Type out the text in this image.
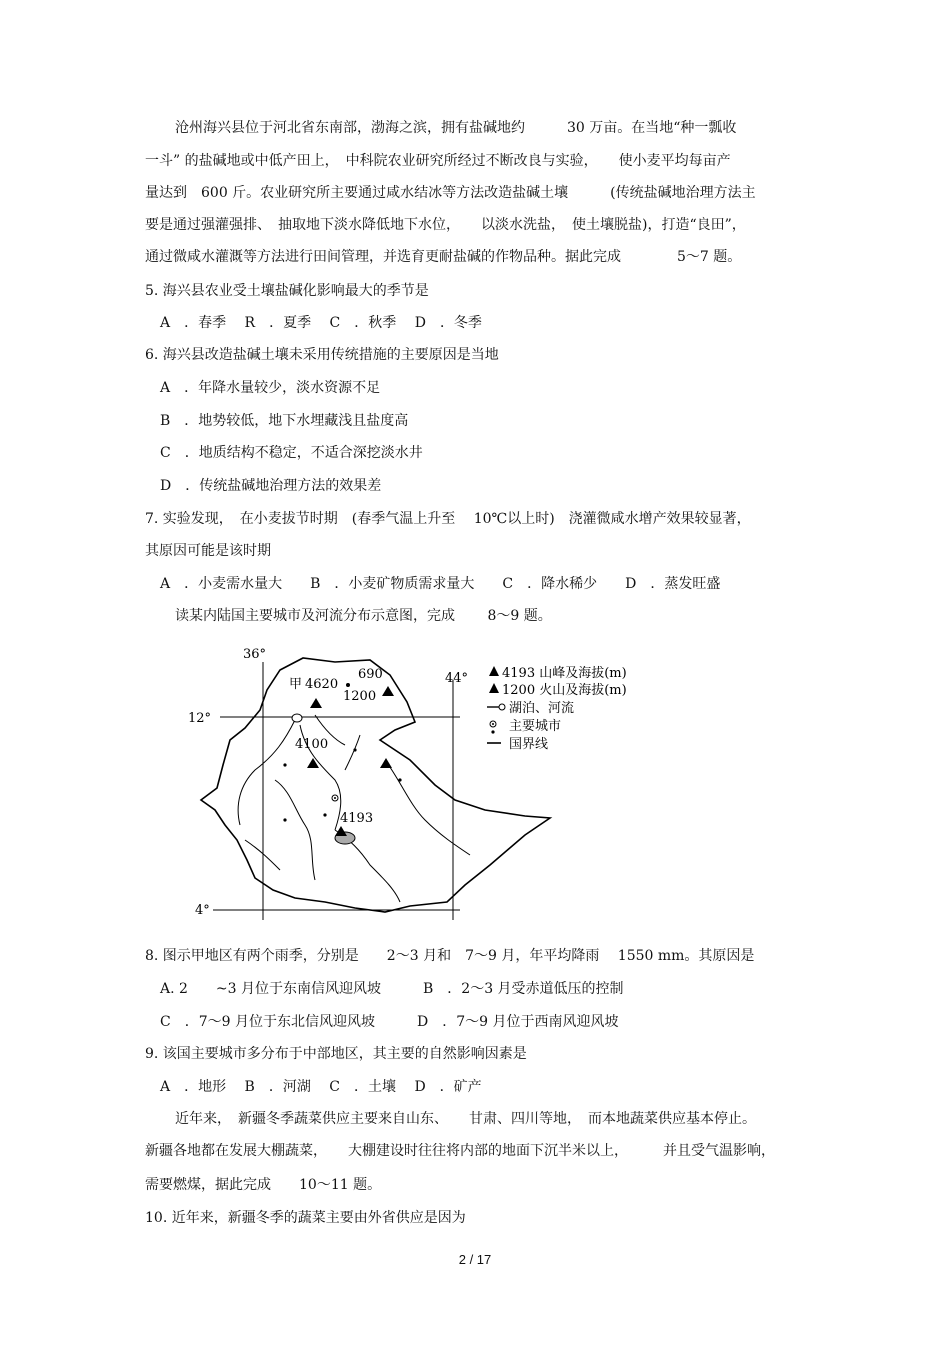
沧州海兴县位于河北省东南部，渤海之滨，拥有盐碱地约　　　30 万亩。在当地“种一瓢收
一斗” 的盐碱地或中低产田上，　中科院农业研究所经过不断改良与实验，　　使小麦平均每亩产
量达到　600 斤。农业研究所主要通过咸水结冰等方法改造盐碱土壤　　　(传统盐碱地治理方法主
要是通过强灌强排、　抽取地下淡水降低地下水位，　　以淡水洗盐，　使土壤脱盐)，打造“良田”，
通过微咸水灌溉等方法进行田间管理，并选育更耐盐碱的作物品种。据此完成　　　　5～7 题。
5. 海兴县农业受土壤盐碱化影响最大的季节是
A　．春季　 R　．夏季　 C　．秋季　 D　．冬季
6. 海兴县改造盐碱土壤未采用传统措施的主要原因是当地
A　．年降水量较少，淡水资源不足
B　．地势较低，地下水埋藏浅且盐度高
C　．地质结构不稳定，不适合深挖淡水井
D　．传统盐碱地治理方法的效果差
7. 实验发现，　在小麦拔节时期　(春季气温上升至　 10℃以上时)　浇灌微咸水增产效果较显著，
其原因可能是该时期
A　．小麦需水量大　　B　．小麦矿物质需求量大　　C　．降水稀少　　D　．蒸发旺盛
读某内陆国主要城市及河流分布示意图，完成　　 8～9 题。
36°
44°
12°
4°
甲 4620
690
1200
4100
4193
4193 山峰及海拔(m)
1200 火山及海拔(m)
湖泊、河流
主要城市
国界线
8. 图示甲地区有两个雨季，分别是　　2～3 月和　7～9 月，年平均降雨　 1550 mm。其原因是
A. 2　　~3 月位于东南信风迎风坡　　　B　．2～3 月受赤道低压的控制
C　．7～9 月位于东北信风迎风坡　　　D　．7～9 月位于西南风迎风坡
9. 该国主要城市多分布于中部地区，其主要的自然影响因素是
A　．地形　 B　．河湖　 C　．土壤　 D　．矿产
近年来，　新疆冬季蔬菜供应主要来自山东、　　甘肃、四川等地，　而本地蔬菜供应基本停止。
新疆各地都在发展大棚蔬菜，　　大棚建设时往往将内部的地面下沉半米以上，　　　并且受气温影响，
需要燃煤，据此完成　　10～11 题。
10. 近年来，新疆冬季的蔬菜主要由外省供应是因为
2 / 17
